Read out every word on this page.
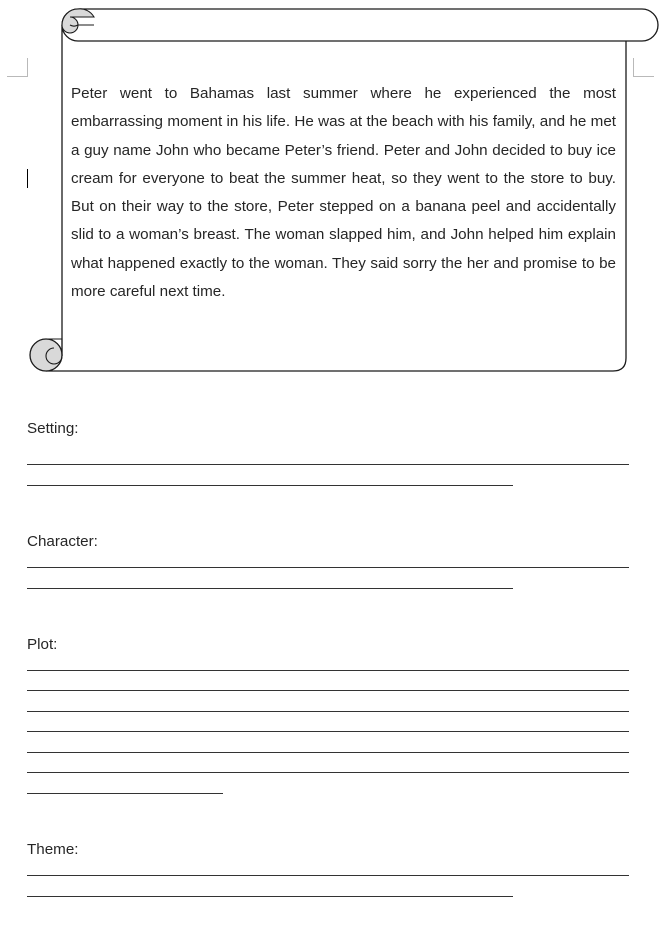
Peter went to Bahamas last summer where he experienced the most embarrassing moment in his life. He was at the beach with his family, and he met a guy name John who became Peter’s friend. Peter and John decided to buy ice cream for everyone to beat the summer heat, so they went to the store to buy. But on their way to the store, Peter stepped on a banana peel and accidentally slid to a woman’s breast. The woman slapped him, and John helped him explain what happened exactly to the woman. They said sorry the her and promise to be more careful next time.

Setting:

Character:

Plot:

Theme:
